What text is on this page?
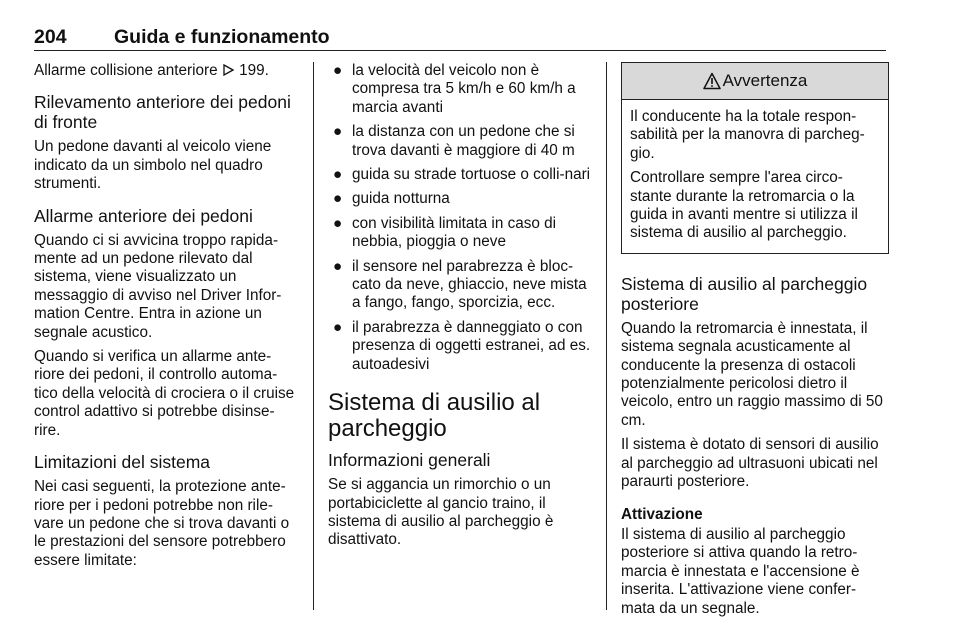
204 Guida e funzionamento

Allarme collisione anteriore 199.

Rilevamento anteriore dei pedoni di fronte

Un pedone davanti al veicolo viene indicato da un simbolo nel quadro strumenti.

Allarme anteriore dei pedoni

Quando ci si avvicina troppo rapida-mente ad un pedone rilevato dal sistema, viene visualizzato un messaggio di avviso nel Driver Infor-mation Centre. Entra in azione un segnale acustico.

Quando si verifica un allarme ante-riore dei pedoni, il controllo automa-tico della velocità di crociera o il cruise control adattivo si potrebbe disinse-rire.

Limitazioni del sistema

Nei casi seguenti, la protezione ante-riore per i pedoni potrebbe non rile-vare un pedone che si trova davanti o le prestazioni del sensore potrebbero essere limitate:

● la velocità del veicolo non è compresa tra 5 km/h e 60 km/h a marcia avanti
● la distanza con un pedone che si trova davanti è maggiore di 40 m
● guida su strade tortuose o colli-nari
● guida notturna
● con visibilità limitata in caso di nebbia, pioggia o neve
● il sensore nel parabrezza è bloc-cato da neve, ghiaccio, neve mista a fango, fango, sporcizia, ecc.
● il parabrezza è danneggiato o con presenza di oggetti estranei, ad es. autoadesivi
Sistema di ausilio al parcheggio
Informazioni generali

Se si aggancia un rimorchio o un portabiciclette al gancio traino, il sistema di ausilio al parcheggio è disattivato.

Avvertenza

Il conducente ha la totale respon-sabilità per la manovra di parcheg-gio.

Controllare sempre l'area circo-stante durante la retromarcia o la guida in avanti mentre si utilizza il sistema di ausilio al parcheggio.

Sistema di ausilio al parcheggio posteriore

Quando la retromarcia è innestata, il sistema segnala acusticamente al conducente la presenza di ostacoli potenzialmente pericolosi dietro il veicolo, entro un raggio massimo di 50 cm.

Il sistema è dotato di sensori di ausilio al parcheggio ad ultrasuoni ubicati nel paraurti posteriore.

Attivazione

Il sistema di ausilio al parcheggio posteriore si attiva quando la retro-marcia è innestata e l'accensione è inserita. L'attivazione viene confer-mata da un segnale.
